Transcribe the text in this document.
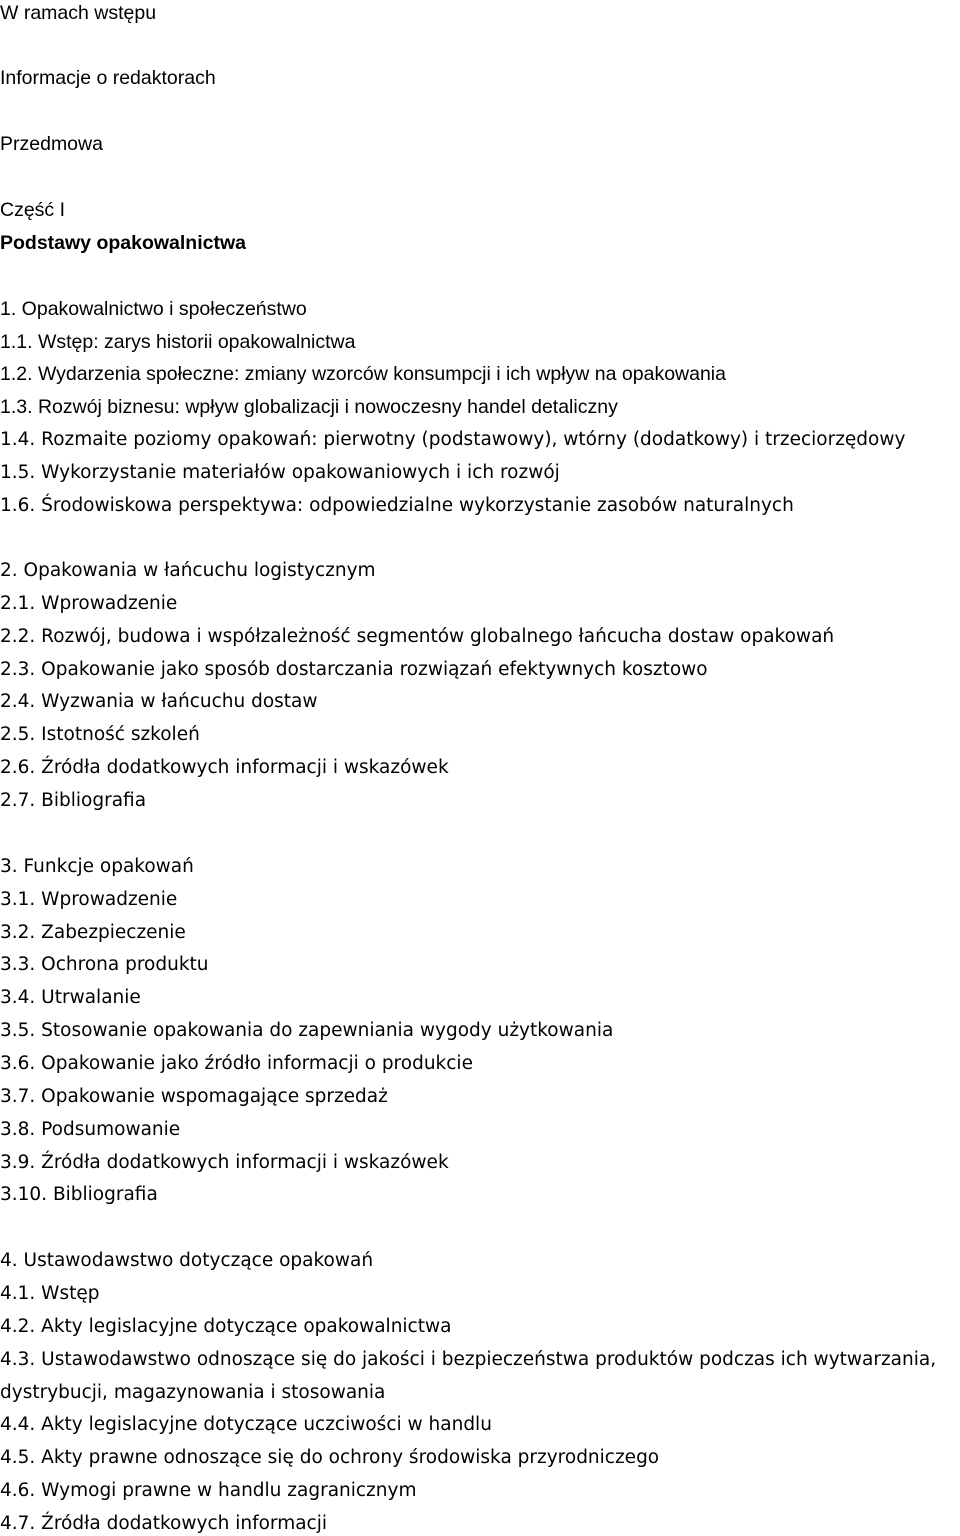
W ramach wstępu
Informacje o redaktorach
Przedmowa
Część I
Podstawy opakowalnictwa
1. Opakowalnictwo i społeczeństwo
1.1. Wstęp: zarys historii opakowalnictwa
1.2. Wydarzenia społeczne: zmiany wzorców konsumpcji i ich wpływ na opakowania
1.3. Rozwój biznesu: wpływ globalizacji i nowoczesny handel detaliczny
1.4. Rozmaite poziomy opakowań: pierwotny (podstawowy), wtórny (dodatkowy) i trzeciorzędowy
1.5. Wykorzystanie materiałów opakowaniowych i ich rozwój
1.6. Środowiskowa perspektywa: odpowiedzialne wykorzystanie zasobów naturalnych
2. Opakowania w łańcuchu logistycznym
2.1. Wprowadzenie
2.2. Rozwój, budowa i współzależność segmentów globalnego łańcucha dostaw opakowań
2.3. Opakowanie jako sposób dostarczania rozwiązań efektywnych kosztowo
2.4. Wyzwania w łańcuchu dostaw
2.5. Istotność szkoleń
2.6. Źródła dodatkowych informacji i wskazówek
2.7. Bibliografia
3. Funkcje opakowań
3.1. Wprowadzenie
3.2. Zabezpieczenie
3.3. Ochrona produktu
3.4. Utrwalanie
3.5. Stosowanie opakowania do zapewniania wygody użytkowania
3.6. Opakowanie jako źródło informacji o produkcie
3.7. Opakowanie wspomagające sprzedaż
3.8. Podsumowanie
3.9. Źródła dodatkowych informacji i wskazówek
3.10. Bibliografia
4. Ustawodawstwo dotyczące opakowań
4.1. Wstęp
4.2. Akty legislacyjne dotyczące opakowalnictwa
4.3. Ustawodawstwo odnoszące się do jakości i bezpieczeństwa produktów podczas ich wytwarzania,
dystrybucji, magazynowania i stosowania
4.4. Akty legislacyjne dotyczące uczciwości w handlu
4.5. Akty prawne odnoszące się do ochrony środowiska przyrodniczego
4.6. Wymogi prawne w handlu zagranicznym
4.7. Źródła dodatkowych informacji
